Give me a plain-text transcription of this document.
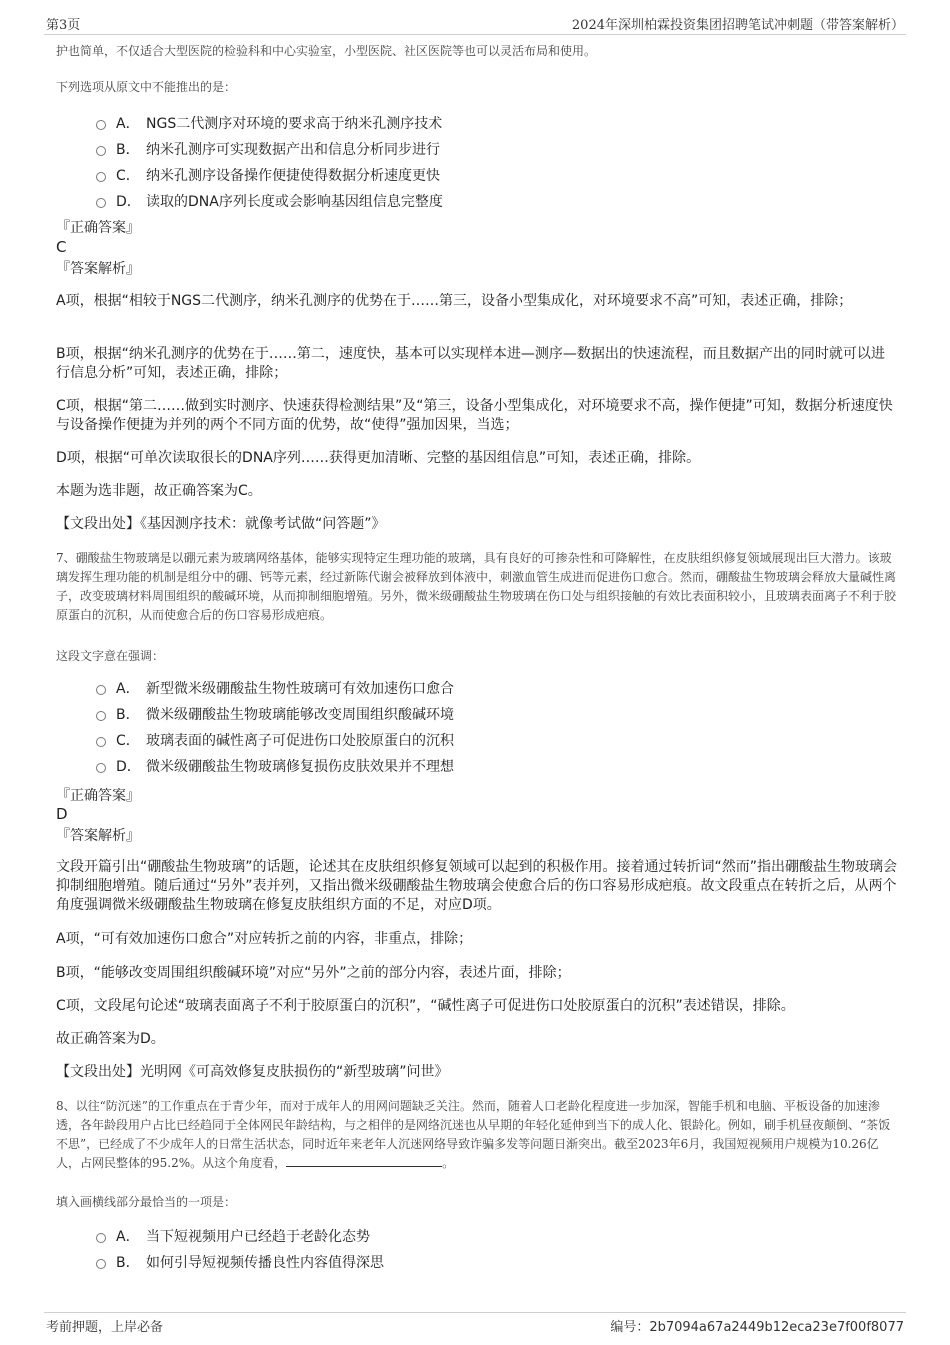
第3页	2024年深圳柏霖投资集团招聘笔试冲刺题（带答案解析）

护也简单，不仅适合大型医院的检验科和中心实验室，小型医院、社区医院等也可以灵活布局和使用。

下列选项从原文中不能推出的是：

A． NGS二代测序对环境的要求高于纳米孔测序技术
B． 纳米孔测序可实现数据产出和信息分析同步进行
C． 纳米孔测序设备操作便捷使得数据分析速度更快
D． 读取的DNA序列长度或会影响基因组信息完整度

『正确答案』

C

『答案解析』

A项，根据“相较于NGS二代测序，纳米孔测序的优势在于……第三，设备小型集成化，对环境要求不高”可知，表述正确，排除；

B项，根据“纳米孔测序的优势在于……第二，速度快，基本可以实现样本进—测序—数据出的快速流程，而且数据产出的同时就可以进行信息分析”可知，表述正确，排除；

C项，根据“第二……做到实时测序、快速获得检测结果”及“第三，设备小型集成化，对环境要求不高，操作便捷”可知，数据分析速度快与设备操作便捷为并列的两个不同方面的优势，故“使得”强加因果，当选；

D项，根据“可单次读取很长的DNA序列……获得更加清晰、完整的基因组信息”可知，表述正确，排除。

本题为选非题，故正确答案为C。

【文段出处】《基因测序技术：就像考试做“问答题”》

7、硼酸盐生物玻璃是以硼元素为玻璃网络基体，能够实现特定生理功能的玻璃，具有良好的可掺杂性和可降解性，在皮肤组织修复领域展现出巨大潜力。该玻璃发挥生理功能的机制是组分中的硼、钙等元素，经过新陈代谢会被释放到体液中，刺激血管生成进而促进伤口愈合。然而，硼酸盐生物玻璃会释放大量碱性离子，改变玻璃材料周围组织的酸碱环境，从而抑制细胞增殖。另外，微米级硼酸盐生物玻璃在伤口处与组织接触的有效比表面积较小，且玻璃表面离子不利于胶原蛋白的沉积，从而使愈合后的伤口容易形成疤痕。

这段文字意在强调：

A． 新型微米级硼酸盐生物性玻璃可有效加速伤口愈合
B． 微米级硼酸盐生物玻璃能够改变周围组织酸碱环境
C． 玻璃表面的碱性离子可促进伤口处胶原蛋白的沉积
D． 微米级硼酸盐生物玻璃修复损伤皮肤效果并不理想

『正确答案』

D

『答案解析』

文段开篇引出“硼酸盐生物玻璃”的话题，论述其在皮肤组织修复领域可以起到的积极作用。接着通过转折词“然而”指出硼酸盐生物玻璃会抑制细胞增殖。随后通过“另外”表并列，又指出微米级硼酸盐生物玻璃会使愈合后的伤口容易形成疤痕。故文段重点在转折之后，从两个角度强调微米级硼酸盐生物玻璃在修复皮肤组织方面的不足，对应D项。

A项，“可有效加速伤口愈合”对应转折之前的内容，非重点，排除；

B项，“能够改变周围组织酸碱环境”对应“另外”之前的部分内容，表述片面，排除；

C项，文段尾句论述“玻璃表面离子不利于胶原蛋白的沉积”，“碱性离子可促进伤口处胶原蛋白的沉积”表述错误，排除。

故正确答案为D。

【文段出处】光明网《可高效修复皮肤损伤的“新型玻璃”问世》

8、以往“防沉迷”的工作重点在于青少年，而对于成年人的用网问题缺乏关注。然而，随着人口老龄化程度进一步加深，智能手机和电脑、平板设备的加速渗透，各年龄段用户占比已经趋同于全体网民年龄结构，与之相伴的是网络沉迷也从早期的年轻化延伸到当下的成人化、银龄化。例如，刷手机昼夜颠倒、“茶饭不思”，已经成了不少成年人的日常生活状态，同时近年来老年人沉迷网络导致诈骗多发等问题日渐突出。截至2023年6月，我国短视频用户规模为10.26亿人，占网民整体的95.2%。从这个角度看，	。

填入画横线部分最恰当的一项是：

A． 当下短视频用户已经趋于老龄化态势
B． 如何引导短视频传播良性内容值得深思
考前押题，上岸必备	编号：2b7094a67a2449b12eca23e7f00f8077
